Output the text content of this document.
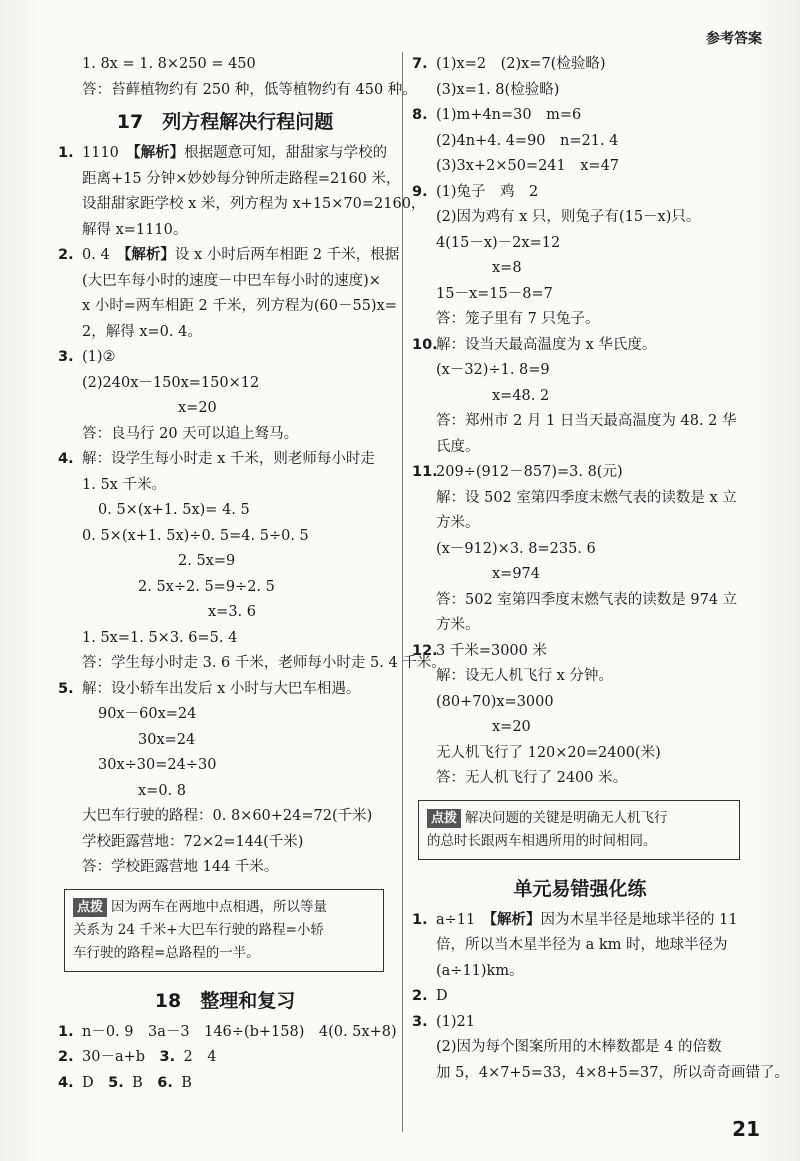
参考答案
1. 8x = 1. 8×250 = 450
答：苔藓植物约有 250 种，低等植物约有 450 种。
17　列方程解决行程问题
1. 1110　 【解析】根据题意可知，甜甜家与学校的
距离+15 分钟×妙妙每分钟所走路程=2160 米，
设甜甜家距学校 x 米，列方程为 x+15×70=2160，
解得 x=1110。
2. 0. 4　 【解析】设 x 小时后两车相距 2 千米，根据
(大巴车每小时的速度－中巴车每小时的速度)×
x 小时=两车相距 2 千米，列方程为(60－55)x=
2，解得 x=0. 4。
3. (1)②
(2)240x－150x=150×12
x=20
答：良马行 20 天可以追上驽马。
4. 解：设学生每小时走 x 千米，则老师每小时走
1. 5x 千米。
0. 5×(x+1. 5x)= 4. 5
0. 5×(x+1. 5x)÷0. 5=4. 5÷0. 5
2. 5x=9
2. 5x÷2. 5=9÷2. 5
x=3. 6
1. 5x=1. 5×3. 6=5. 4
答：学生每小时走 3. 6 千米，老师每小时走 5. 4 千米。
5. 解：设小轿车出发后 x 小时与大巴车相遇。
90x－60x=24
30x=24
30x÷30=24÷30
x=0. 8
大巴车行驶的路程：0. 8×60+24=72(千米)
学校距露营地：72×2=144(千米)
答：学校距露营地 144 千米。
点拨 因为两车在两地中点相遇，所以等量
关系为 24 千米+大巴车行驶的路程=小轿
车行驶的路程=总路程的一半。
18　整理和复习
1. n－0. 9　3a－3　146÷(b+158)　4(0. 5x+8)
2. 30－a+b　 3. 2　4
4. D　 5. B　 6. B
7. (1)x=2　(2)x=7(检验略)
(3)x=1. 8(检验略)
8. (1)m+4n=30　m=6
(2)4n+4. 4=90　n=21. 4
(3)3x+2×50=241　x=47
9. (1)兔子　鸡　2
(2)因为鸡有 x 只，则兔子有(15－x)只。
4(15－x)－2x=12
x=8
15－x=15－8=7
答：笼子里有 7 只兔子。
10.解：设当天最高温度为 x 华氏度。
(x－32)÷1. 8=9
x=48. 2
答：郑州市 2 月 1 日当天最高温度为 48. 2 华
氏度。
11.209÷(912－857)=3. 8(元)
解：设 502 室第四季度末燃气表的读数是 x 立
方米。
(x－912)×3. 8=235. 6
x=974
答：502 室第四季度末燃气表的读数是 974 立
方米。
12.3 千米=3000 米
解：设无人机飞行 x 分钟。
(80+70)x=3000
x=20
无人机飞行了 120×20=2400(米)
答：无人机飞行了 2400 米。
点拨 解决问题的关键是明确无人机飞行
的总时长跟两车相遇所用的时间相同。
单元易错强化练
1. a÷11　 【解析】因为木星半径是地球半径的 11
倍，所以当木星半径为 a km 时，地球半径为
(a÷11)km。
2. D
3. (1)21
(2)因为每个图案所用的木棒数都是 4 的倍数
加 5，4×7+5=33，4×8+5=37，所以奇奇画错了。
21
